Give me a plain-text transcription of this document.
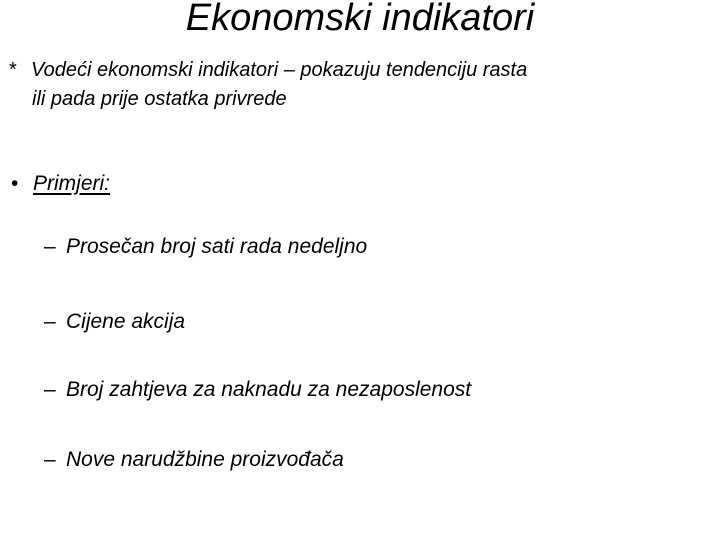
Ekonomski indikatori
* Vodeći ekonomski indikatori – pokazuju tendenciju rasta
ili pada prije ostatka privrede
• Primjeri:
– Prosečan broj sati rada nedeljno
– Cijene akcija
– Broj zahtjeva za naknadu za nezaposlenost
– Nove narudžbine proizvođača
